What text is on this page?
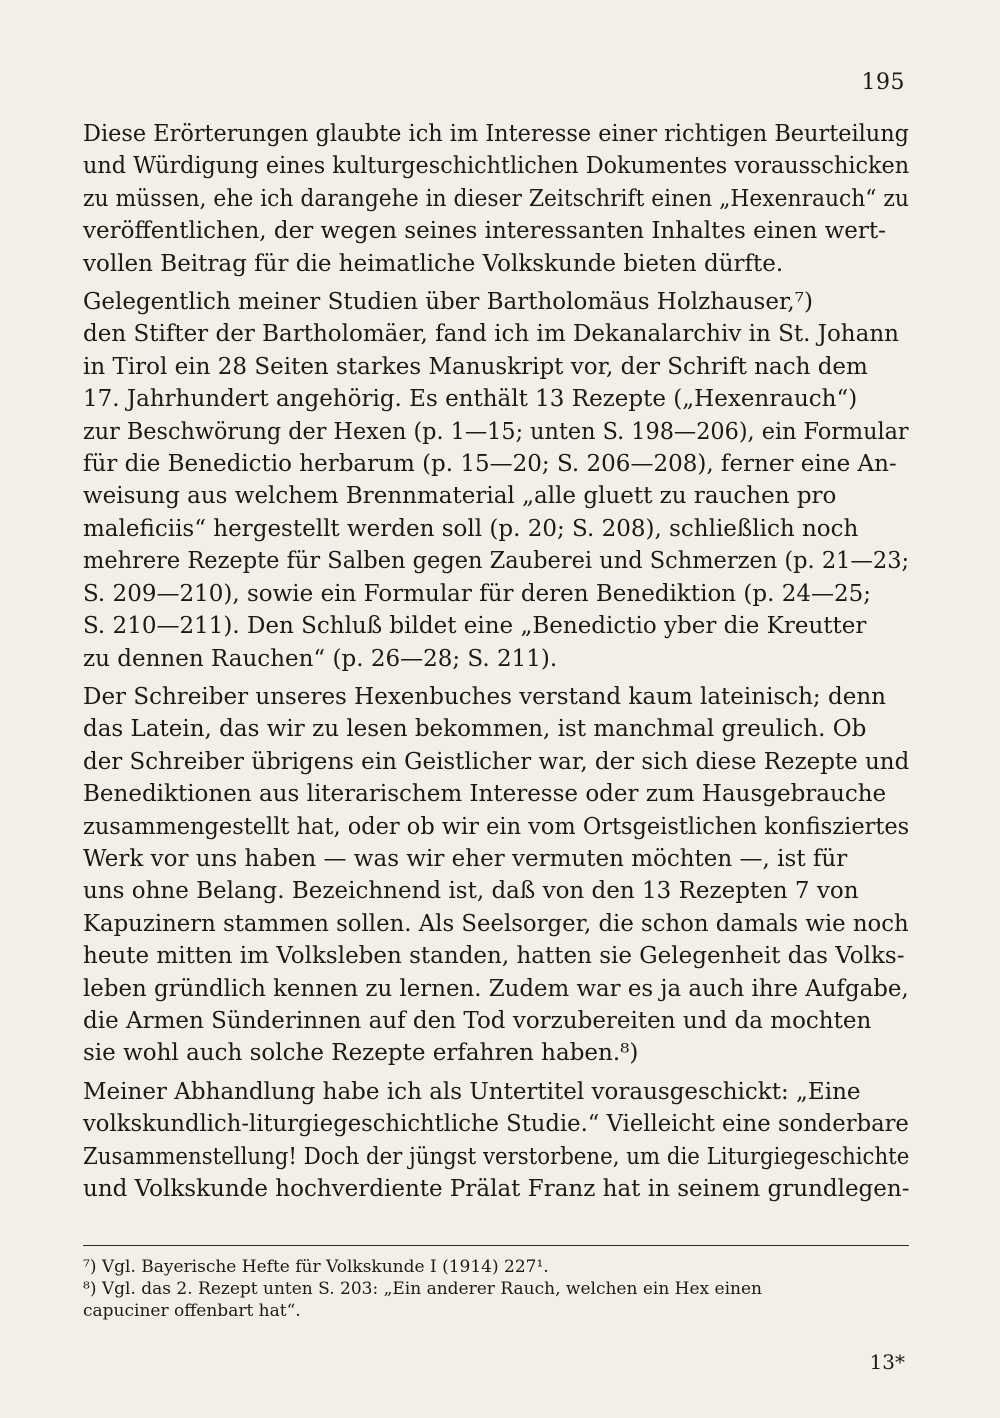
195
Diese Erörterungen glaubte ich im Interesse einer richtigen Beurteilung
und Würdigung eines kulturgeschichtlichen Dokumentes vorausschicken
zu müssen, ehe ich darangehe in dieser Zeitschrift einen „Hexenrauch“ zu
veröffentlichen, der wegen seines interessanten Inhaltes einen wert-
vollen Beitrag für die heimatliche Volkskunde bieten dürfte.
Gelegentlich meiner Studien über Bartholomäus Holzhauser,⁷)
den Stifter der Bartholomäer, fand ich im Dekanalarchiv in St. Johann
in Tirol ein 28 Seiten starkes Manuskript vor, der Schrift nach dem
17. Jahrhundert angehörig. Es enthält 13 Rezepte („Hexenrauch“)
zur Beschwörung der Hexen (p. 1—15; unten S. 198—206), ein Formular
für die Benedictio herbarum (p. 15—20; S. 206—208), ferner eine An-
weisung aus welchem Brennmaterial „alle gluett zu rauchen pro
maleficiis“ hergestellt werden soll (p. 20; S. 208), schließlich noch
mehrere Rezepte für Salben gegen Zauberei und Schmerzen (p. 21—23;
S. 209—210), sowie ein Formular für deren Benediktion (p. 24—25;
S. 210—211). Den Schluß bildet eine „Benedictio yber die Kreutter
zu dennen Rauchen“ (p. 26—28; S. 211).
Der Schreiber unseres Hexenbuches verstand kaum lateinisch; denn
das Latein, das wir zu lesen bekommen, ist manchmal greulich. Ob
der Schreiber übrigens ein Geistlicher war, der sich diese Rezepte und
Benediktionen aus literarischem Interesse oder zum Hausgebrauche
zusammengestellt hat, oder ob wir ein vom Ortsgeistlichen konfisziertes
Werk vor uns haben — was wir eher vermuten möchten —, ist für
uns ohne Belang. Bezeichnend ist, daß von den 13 Rezepten 7 von
Kapuzinern stammen sollen. Als Seelsorger, die schon damals wie noch
heute mitten im Volksleben standen, hatten sie Gelegenheit das Volks-
leben gründlich kennen zu lernen. Zudem war es ja auch ihre Aufgabe,
die Armen Sünderinnen auf den Tod vorzubereiten und da mochten
sie wohl auch solche Rezepte erfahren haben.⁸)
Meiner Abhandlung habe ich als Untertitel vorausgeschickt: „Eine
volkskundlich-liturgiegeschichtliche Studie.“ Vielleicht eine sonderbare
Zusammenstellung! Doch der jüngst verstorbene, um die Liturgiegeschichte
und Volkskunde hochverdiente Prälat Franz hat in seinem grundlegen-
⁷) Vgl. Bayerische Hefte für Volkskunde I (1914) 227¹.
⁸) Vgl. das 2. Rezept unten S. 203: „Ein anderer Rauch, welchen ein Hex einen
capuciner offenbart hat“.
13*
